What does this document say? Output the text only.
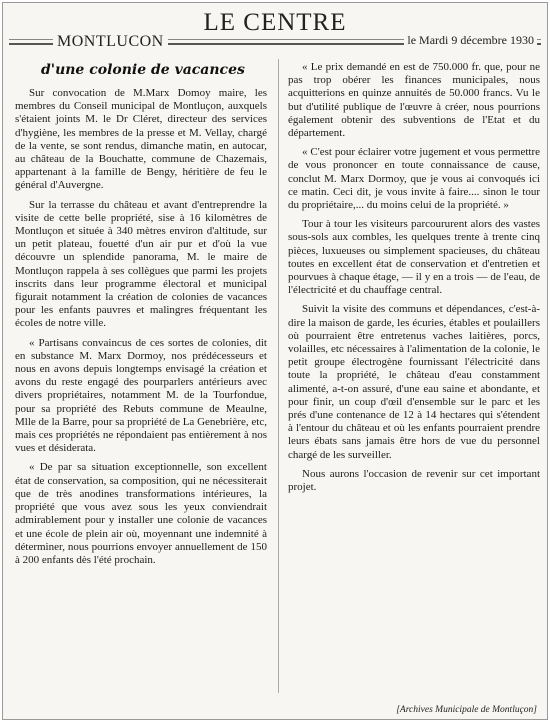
LE CENTRE
MONTLUCON	le Mardi 9 décembre 1930
d'une colonie de vacances

Sur convocation de M.Marx Domoy maire, les membres du Conseil municipal de Montluçon, auxquels s'étaient joints M. le Dr Cléret, directeur des services d'hygiène, les membres de la presse et M. Vellay, chargé de la vente, se sont rendus, dimanche matin, en autocar, au château de la Bouchatte, commune de Chazemais, appartenant à la famille de Bengy, héritière de feu le général d'Auvergne.

Sur la terrasse du château et avant d'entreprendre la visite de cette belle propriété, sise à 16 kilomètres de Montluçon et située à 340 mètres environ d'altitude, sur un petit plateau, fouetté d'un air pur et d'où la vue découvre un splendide panorama, M. le maire de Montluçon rappela à ses collègues que parmi les projets inscrits dans leur programme électoral et municipal figurait notamment la création de colonies de vacances pour les enfants pauvres et malingres fréquentant les écoles de notre ville.

« Partisans convaincus de ces sortes de colonies, dit en substance M. Marx Dormoy, nos prédécesseurs et nous en avons depuis longtemps envisagé la création et avons du reste engagé des pourparlers antérieurs avec divers propriétaires, notamment M. de la Tourfondue, pour sa propriété des Rebuts commune de Meaulne, Mlle de la Barre, pour sa propriété de La Genebrière, etc, mais ces propriétés ne répondaient pas entièrement à nos vues et désiderata.

« De par sa situation exceptionnelle, son excellent état de conservation, sa composition, qui ne nécessiterait que de très anodines transformations intérieures, la propriété que vous avez sous les yeux conviendrait admirablement pour y installer une colonie de vacances et une école de plein air où, moyennant une indemnité à déterminer, nous pourrions envoyer annuellement de 150 à 200 enfants dès l'été prochain.

« Le prix demandé en est de 750.000 fr. que, pour ne pas trop obérer les finances municipales, nous acquitterions en quinze annuités de 50.000 francs. Vu le but d'utilité publique de l'œuvre à créer, nous pourrions également obtenir des subventions de l'Etat et du département.

« C'est pour éclairer votre jugement et vous permettre de vous prononcer en toute connaissance de cause, conclut M. Marx Dormoy, que je vous ai convoqués ici ce matin. Ceci dit, je vous invite à faire.... sinon le tour du propriétaire,... du moins celui de la propriété. »

Tour à tour les visiteurs parcoururent alors des vastes sous-sols aux combles, les quelques trente à trente cinq pièces, luxueuses ou simplement spacieuses, du château toutes en excellent état de conservation et d'entretien et pourvues à chaque étage, — il y en a trois — de l'eau, de l'électricité et du chauffage central.

Suivit la visite des communs et dépendances, c'est-à-dire la maison de garde, les écuries, étables et poulaillers où pourraient être entretenus vaches laitières, porcs, volailles, etc nécessaires à l'alimentation de la colonie, le petit groupe électrogène fournissant l'électricité dans toute la propriété, le château d'eau constamment alimenté, a-t-on assuré, d'une eau saine et abondante, et pour finir, un coup d'œil d'ensemble sur le parc et les prés d'une contenance de 12 à 14 hectares qui s'étendent à l'entour du château et où les enfants pourraient prendre leurs ébats sans jamais être hors de vue du personnel chargé de les surveiller.

Nous aurons l'occasion de revenir sur cet important projet.

[Archives Municipale de Montluçon]
